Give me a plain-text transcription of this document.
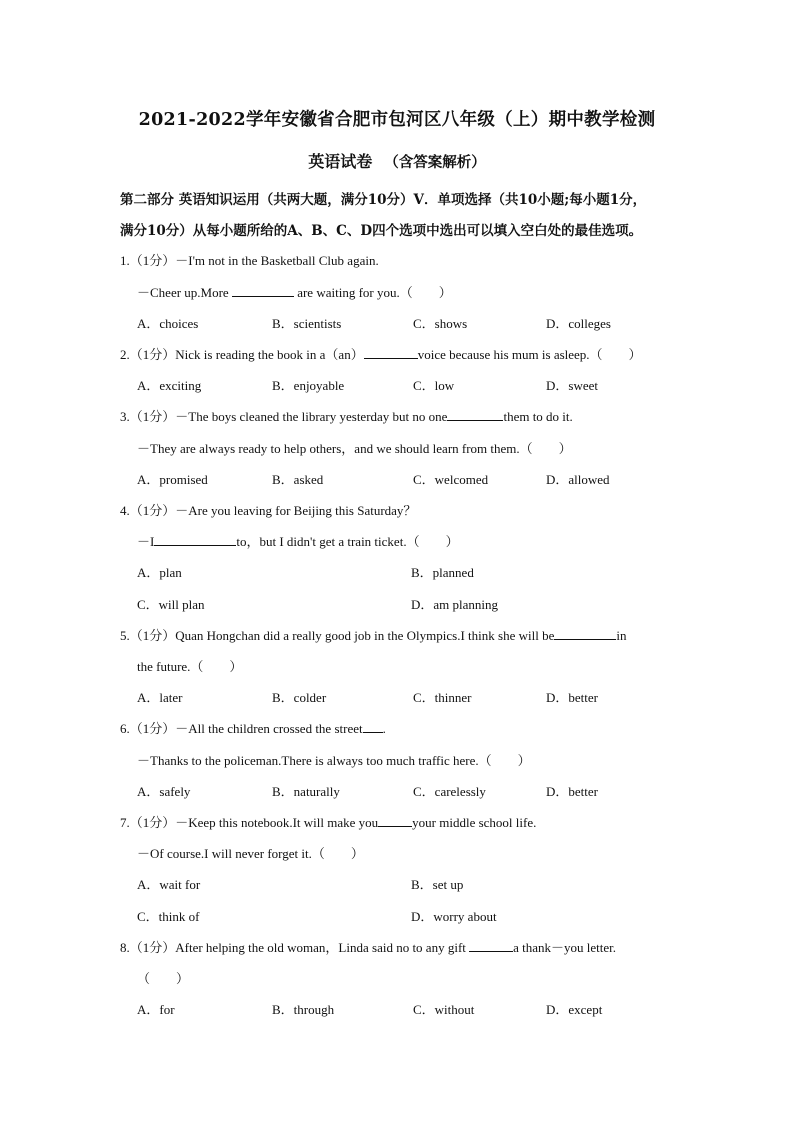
2021-2022学年安徽省合肥市包河区八年级（上）期中教学检测
英语试卷 （含答案解析）
第二部分 英语知识运用（共两大题，满分10分）V．单项选择（共10小题;每小题1分，
满分10分）从每小题所给的A、B、C、D四个选项中选出可以填入空白处的最佳选项。
1.（1分）－I'm not in the Basketball Club again.
－Cheer up.More	are waiting for you.（　　）
A．choices	B．scientists	C．shows	D．colleges
2.（1分）Nick is reading the book in a（an）	voice because his mum is asleep.（　　）
A．exciting	B．enjoyable	C．low	D．sweet
3.（1分）－The boys cleaned the library yesterday but no one	them to do it.
－They are always ready to help others，and we should learn from them.（　　）
A．promised	B．asked	C．welcomed	D．allowed
4.（1分）－Are you leaving for Beijing this Saturday？
－I	to，but I didn't get a train ticket.（　　）
A．plan	B．planned
C．will plan	D．am planning
5.（1分）Quan Hongchan did a really good job in the Olympics.I think she will be	in
the future.（　　）
A．later	B．colder	C．thinner	D．better
6.（1分）－All the children crossed the street .
－Thanks to the policeman.There is always too much traffic here.（　　）
A．safely	B．naturally	C．carelessly	D．better
7.（1分）－Keep this notebook.It will make you	your middle school life.
－Of course.I will never forget it.（　　）
A．wait for	B．set up
C．think of	D．worry about
8.（1分）After helping the old woman，Linda said no to any gift	a thank－you letter.
（　　）
A．for	B．through	C．without	D．except
